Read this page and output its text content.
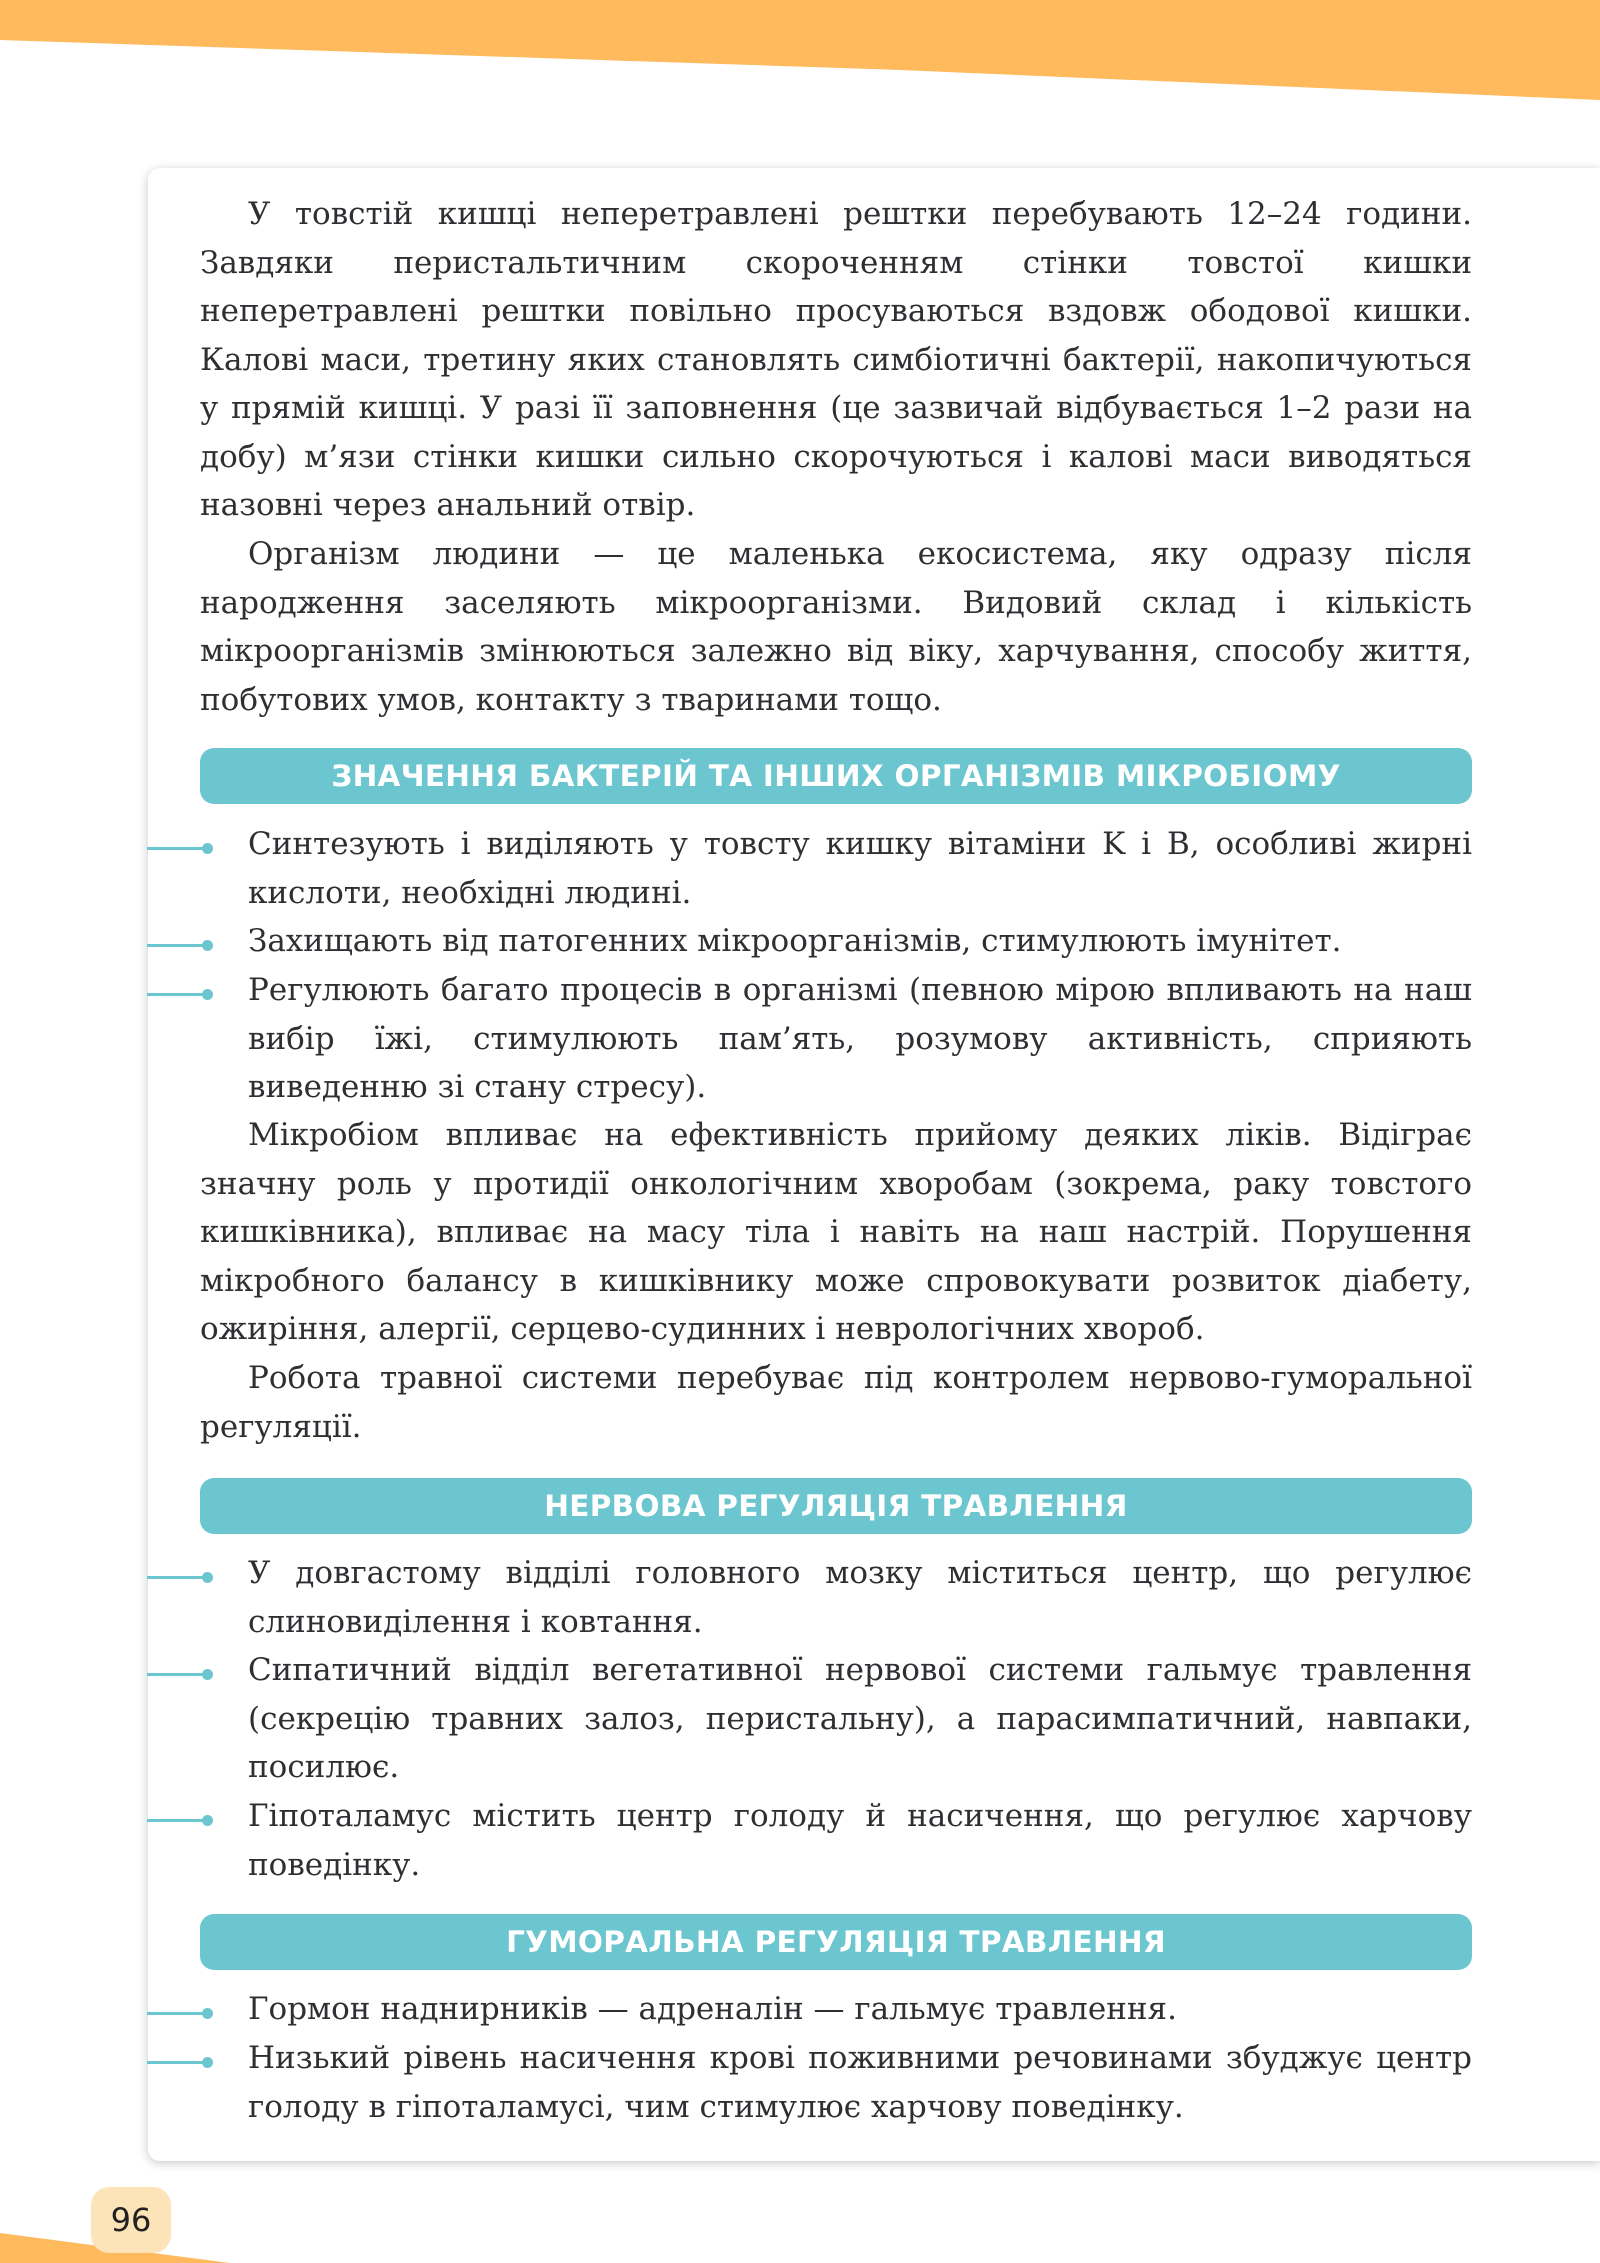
У товстій кишці неперетравлені рештки перебувають 12–24 години. Завдяки перистальтичним скороченням стінки товстої кишки неперетравлені рештки повільно просуваються вздовж ободової кишки. Калові маси, третину яких становлять симбіотичні бактерії, накопичуються у прямій кишці. У разі її заповнення (це зазвичай відбувається 1–2 рази на добу) м’язи стінки кишки сильно скорочуються і калові маси виводяться назовні через анальний отвір.

Організм людини — це маленька екосистема, яку одразу після народження заселяють мікроорганізми. Видовий склад і кількість мікроорганізмів змінюються залежно від віку, харчування, способу життя, побутових умов, контакту з тваринами тощо.

ЗНАЧЕННЯ БАКТЕРІЙ ТА ІНШИХ ОРГАНІЗМІВ МІКРОБІОМУ

Синтезують і виділяють у товсту кишку вітаміни K і B, особливі жирні кислоти, необхідні людині.

Захищають від патогенних мікроорганізмів, стимулюють імунітет.

Регулюють багато процесів в організмі (певною мірою впливають на наш вибір їжі, стимулюють пам’ять, розумову активність, сприяють виведенню зі стану стресу).

Мікробіом впливає на ефективність прийому деяких ліків. Відіграє значну роль у протидії онкологічним хворобам (зокрема, раку товстого кишківника), впливає на масу тіла і навіть на наш настрій. Порушення мікробного балансу в кишківнику може спровокувати розвиток діабету, ожиріння, алергії, серцево-судинних і неврологічних хвороб.

Робота травної системи перебуває під контролем нервово-гуморальної регуляції.

НЕРВОВА РЕГУЛЯЦІЯ ТРАВЛЕННЯ

У довгастому відділі головного мозку міститься центр, що регулює слиновиділення і ковтання.

Сипатичний відділ вегетативної нервової системи гальмує травлення (секрецію травних залоз, перистальну), а парасимпатичний, навпаки, посилює.

Гіпоталамус містить центр голоду й насичення, що регулює харчову поведінку.

ГУМОРАЛЬНА РЕГУЛЯЦІЯ ТРАВЛЕННЯ

Гормон наднирників — адреналін — гальмує травлення.

Низький рівень насичення крові поживними речовинами збуджує центр голоду в гіпоталамусі, чим стимулює харчову поведінку.

96
